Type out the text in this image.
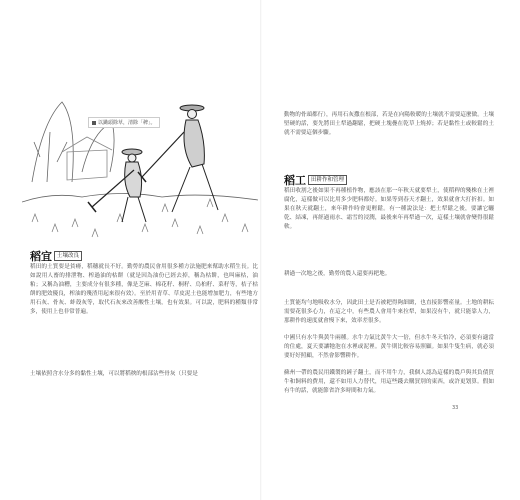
以鋤頭除草，清除「稗」。
稻宜 土壤改良
稻田的土質要是貧瘠，稻穗就長不好。勤勞的農民會用很多種方法施肥來幫助水稻生長。比如說用人畜的排泄物、榨過油的枯餅（就是因為油份已經去掉，稱為枯餅，也叫麻枯，油粕；又稱為油糟，主要成分有很多種，像是芝麻、棉花籽、桐籽、烏桕籽、菜籽等，桔子枯餅的肥效優良，榨油的殘渣用起來很有效）。至於用青草、草皮泥土也能增加肥力，有些地方用石灰、骨灰、蚌殼灰等，取代石灰來改善酸性土壤，也有效果。可以說，肥料的種類非常多，使用上也非常普遍。
土壤依照含水分多的黏性土壤，可以將稻秧的根部沾些骨灰（只要是
動物的骨頭都行），再用石灰撒在根部，若是在向陽較暖的土壤就不需要這麼做。土壤堅硬的話，要先將田土犁過翻鬆，把硬土塊疊在乾草上燒掉；若是黏性土或較鬆的土就不需要這個步驟。
稻工 田耕作和管理
稻田收割之後如果不再種植作物，應該在那一年秋天就要犁土，使稻稈的殘株在土裡腐化，這樣做可以比用多少肥料都好。如果等到春天才翻土，效果就會大打折扣。如果在秋天就翻土，來年耕作時會更輕鬆。有一種說法是：把土犁鬆之後，要讓它曬乾、結凍，再經過雨水、霜雪的浸潤，最後來年再犁過一次，這樣土壤就會變得很鬆軟。
耕過一次地之後，勤勞的農人還要再耙地。
土質能均勻地吸收水分，因此田土是否被耙得夠細緻，也直接影響產量。土地的耕耘需要花很多心力，在這之中，有些農人會用牛來拉犁，如果沒有牛，就只能靠人力，那耕作的速度就會慢下來，效率差很多。
中國只有水牛與黃牛兩種。水牛力氣比黃牛大一倍，但水牛冬天怕冷，必須要有適當的住處，夏天要讓牠泡在水裡或泥裡。黃牛則比較容易照顧。如果牛隻生病，就必須要好好照顧，不然會影響耕作。
蘇州一帶的農民用鐵製的鏟子翻土，而不用牛力，我個人認為這樣的農戶與其負債買牛和飼料的費用，還不如用人力替代，用這些錢去購買別的東西，或許更划算。假如有牛的話，就能節省許多時間和力氣。
33
